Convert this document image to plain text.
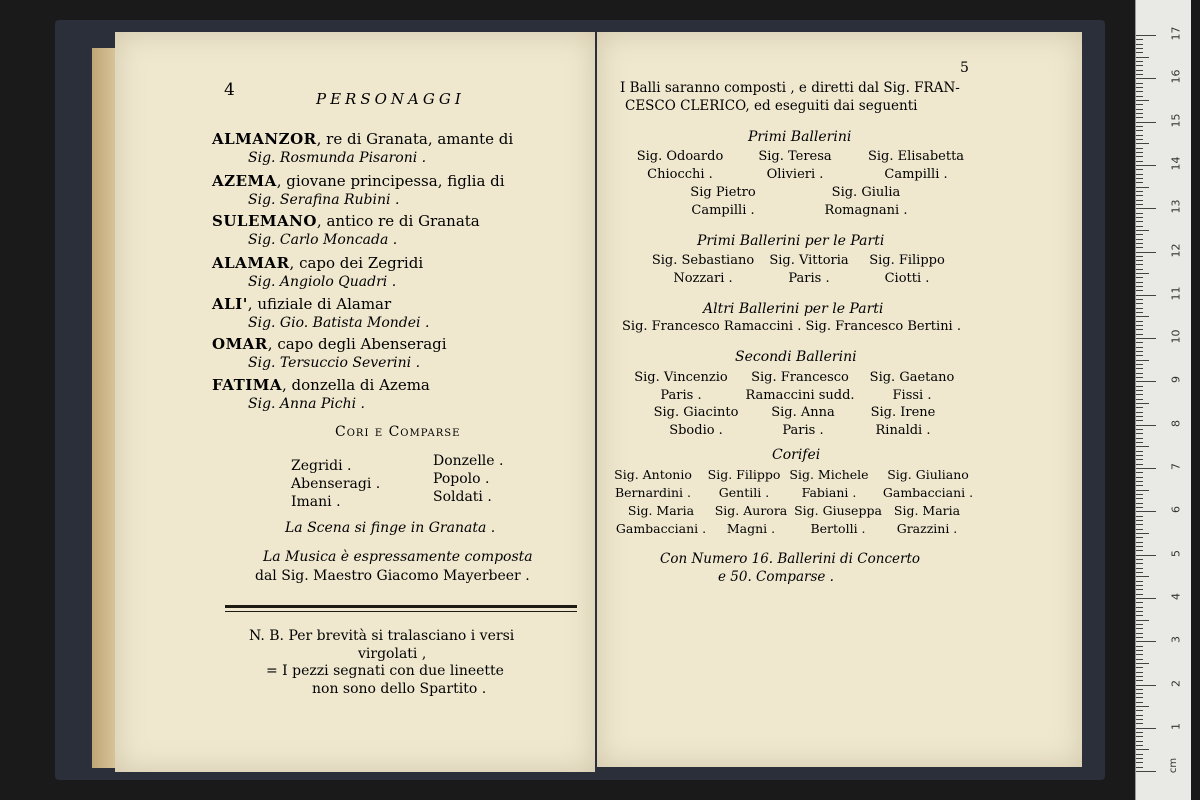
4	PERSONAGGI
ALMANZOR, re di Granata, amante di
Sig. Rosmunda Pisaroni .
AZEMA, giovane principessa, figlia di
Sig. Serafina Rubini .
SULEMANO, antico re di Granata
Sig. Carlo Moncada .
ALAMAR, capo dei Zegridi
Sig. Angiolo Quadri .
ALI', ufiziale di Alamar
Sig. Gio. Batista Mondei .
OMAR, capo degli Abenseragi
Sig. Tersuccio Severini .
FATIMA, donzella di Azema
Sig. Anna Pichi .
Cori e Comparse
Zegridi .
Abenseragi .
Imani .
Donzelle .
Popolo .
Soldati .
La Scena si finge in Granata .
La Musica è espressamente composta
dal Sig. Maestro Giacomo Mayerbeer .
N. B. Per brevità si tralasciano i versi
virgolati ,
= I pezzi segnati con due lineette
non sono dello Spartito .
5
I Balli saranno composti , e diretti dal Sig. FRAN-
CESCO CLERICO, ed eseguiti dai seguenti
Primi Ballerini
Sig. Odoardo
Chiocchi .
Sig. Teresa
Olivieri .
Sig. Elisabetta
Campilli .
Sig Pietro
Campilli .
Sig. Giulia
Romagnani .
Primi Ballerini per le Parti
Sig. Sebastiano
Nozzari .
Sig. Vittoria
Paris .
Sig. Filippo
Ciotti .
Altri Ballerini per le Parti
Sig. Francesco Ramaccini . Sig. Francesco Bertini .
Secondi Ballerini
Sig. Vincenzio
Paris .
Sig. Francesco
Ramaccini sudd.
Sig. Gaetano
Fissi .
Sig. Giacinto
Sbodio .
Sig. Anna
Paris .
Sig. Irene
Rinaldi .
Corifei
Sig. Antonio
Bernardini .
Sig. Filippo
Gentili .
Sig. Michele
Fabiani .
Sig. Giuliano
Gambacciani .
Sig. Maria
Gambacciani .
Sig. Aurora
Magni .
Sig. Giuseppa
Bertolli .
Sig. Maria
Grazzini .
Con Numero 16. Ballerini di Concerto
e 50. Comparse .
cm
17
16
15
14
13
12
11
10
9
8
7
6
5
4
3
2
1
